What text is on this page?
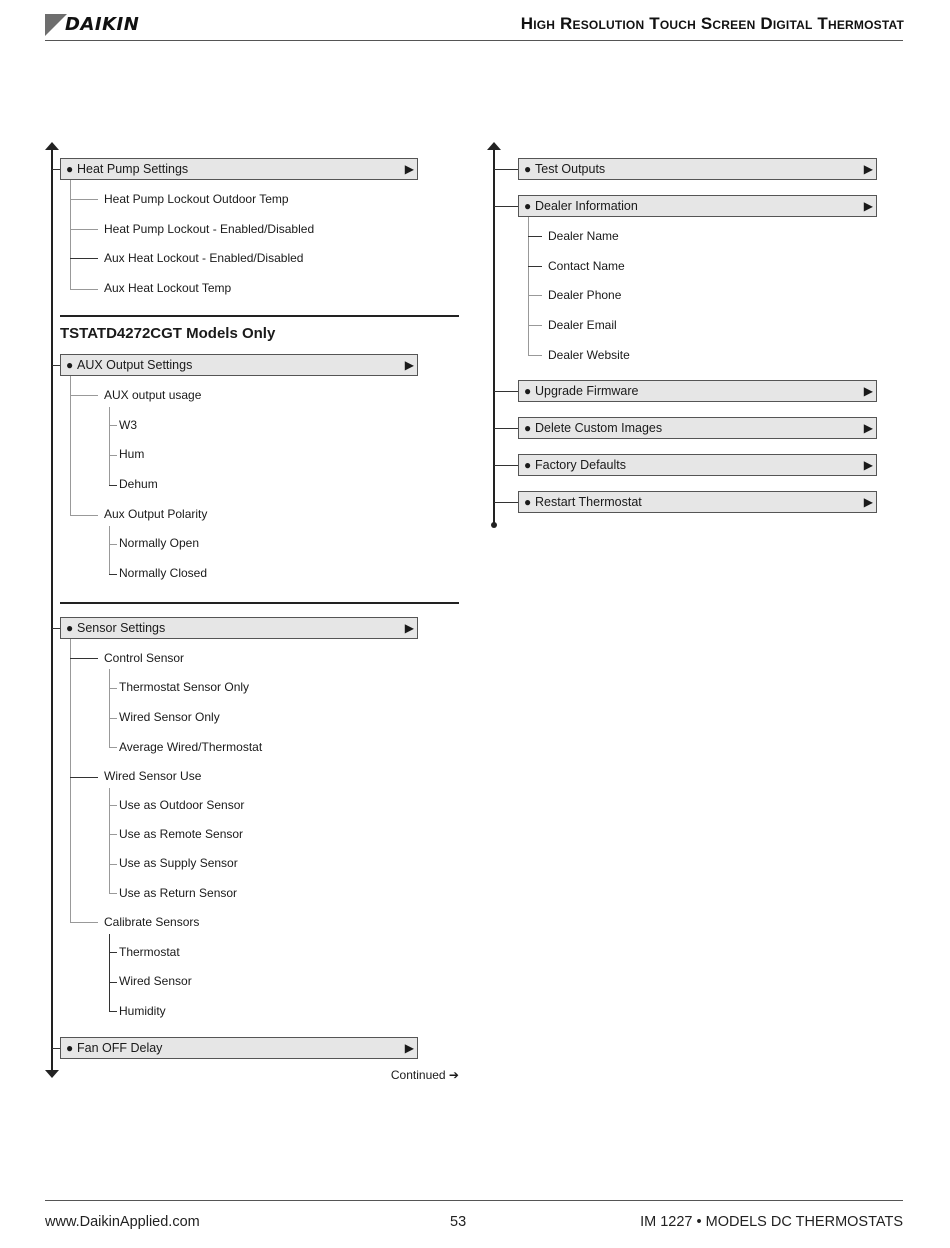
DAIKIN	High Resolution Touch Screen Digital Thermostat
● Heat Pump Settings	▶
Heat Pump Lockout Outdoor Temp
Heat Pump Lockout - Enabled/Disabled
Aux Heat Lockout - Enabled/Disabled
Aux Heat Lockout Temp
TSTATD4272CGT Models Only
● AUX Output Settings	▶
AUX output usage
W3
Hum
Dehum
Aux Output Polarity
Normally Open
Normally Closed
● Sensor Settings	▶
Control Sensor
Thermostat Sensor Only
Wired Sensor Only
Average Wired/Thermostat
Wired Sensor Use
Use as Outdoor Sensor
Use as Remote Sensor
Use as Supply Sensor
Use as Return Sensor
Calibrate Sensors
Thermostat
Wired Sensor
Humidity
● Fan OFF Delay	▶
Continued ➔
● Test Outputs	▶
● Dealer Information	▶
Dealer Name
Contact Name
Dealer Phone
Dealer Email
Dealer Website
● Upgrade Firmware	▶
● Delete Custom Images	▶
● Factory Defaults	▶
● Restart Thermostat	▶
www.DaikinApplied.com	53	IM 1227 • MODELS DC THERMOSTATS
